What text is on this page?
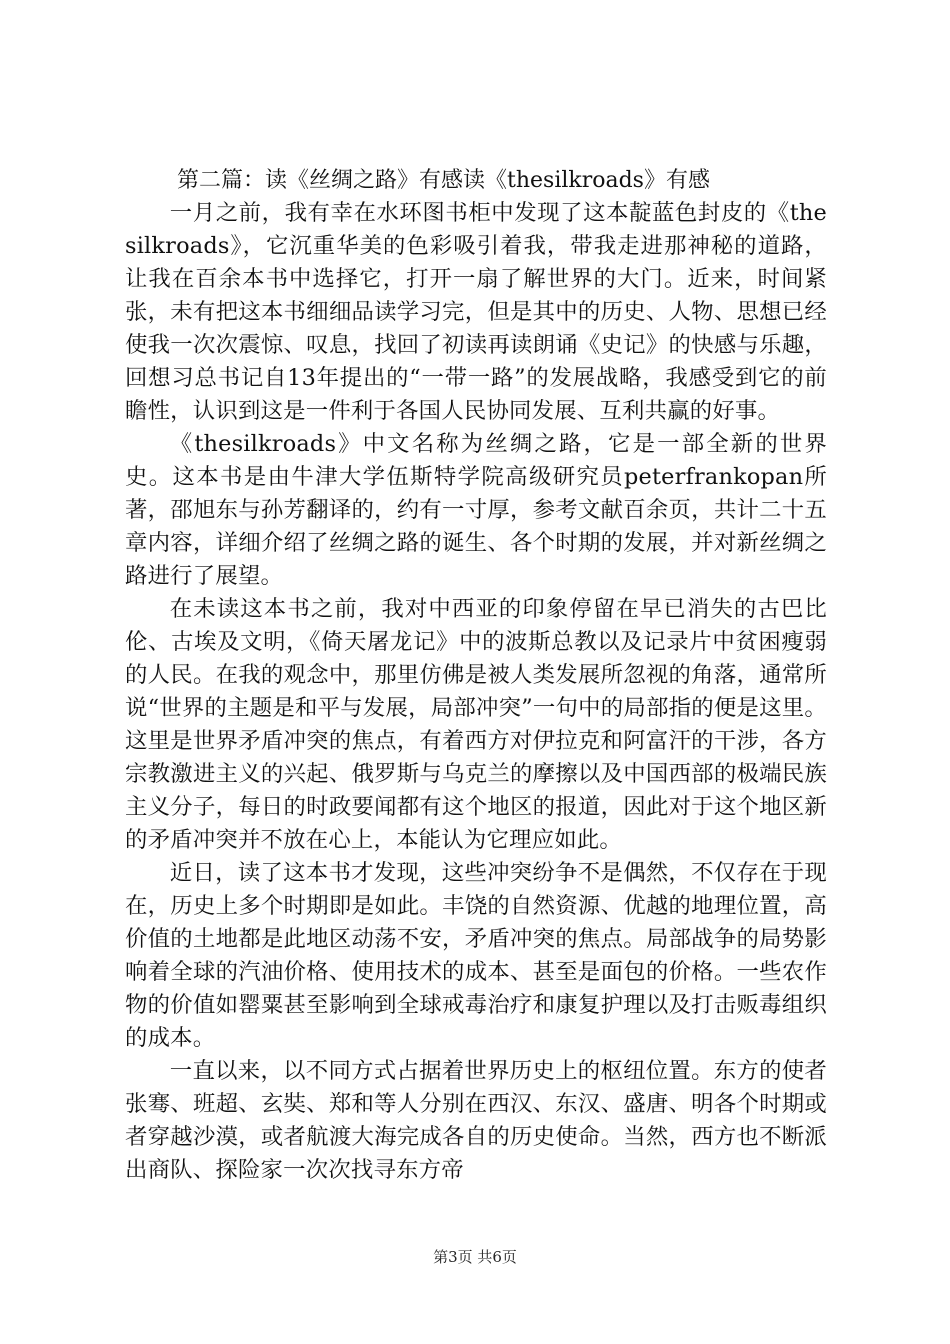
第二篇：读《丝绸之路》有感读《thesilkroads》有感

一月之前，我有幸在水环图书柜中发现了这本靛蓝色封皮的《thesilkroads》，它沉重华美的色彩吸引着我，带我走进那神秘的道路，让我在百余本书中选择它，打开一扇了解世界的大门。近来，时间紧张，未有把这本书细细品读学习完，但是其中的历史、人物、思想已经使我一次次震惊、叹息，找回了初读再读朗诵《史记》的快感与乐趣，回想习总书记自13年提出的“一带一路”的发展战略，我感受到它的前瞻性，认识到这是一件利于各国人民协同发展、互利共赢的好事。

《thesilkroads》中文名称为丝绸之路，它是一部全新的世界史。这本书是由牛津大学伍斯特学院高级研究员peterfrankopan所著，邵旭东与孙芳翻译的，约有一寸厚，参考文献百余页，共计二十五章内容，详细介绍了丝绸之路的诞生、各个时期的发展，并对新丝绸之路进行了展望。

在未读这本书之前，我对中西亚的印象停留在早已消失的古巴比伦、古埃及文明，《倚天屠龙记》中的波斯总教以及记录片中贫困瘦弱的人民。在我的观念中，那里仿佛是被人类发展所忽视的角落，通常所说“世界的主题是和平与发展，局部冲突”一句中的局部指的便是这里。这里是世界矛盾冲突的焦点，有着西方对伊拉克和阿富汗的干涉，各方宗教激进主义的兴起、俄罗斯与乌克兰的摩擦以及中国西部的极端民族主义分子，每日的时政要闻都有这个地区的报道，因此对于这个地区新的矛盾冲突并不放在心上，本能认为它理应如此。

近日，读了这本书才发现，这些冲突纷争不是偶然，不仅存在于现在，历史上多个时期即是如此。丰饶的自然资源、优越的地理位置，高价值的土地都是此地区动荡不安，矛盾冲突的焦点。局部战争的局势影响着全球的汽油价格、使用技术的成本、甚至是面包的价格。一些农作物的价值如罂粟甚至影响到全球戒毒治疗和康复护理以及打击贩毒组织的成本。

一直以来，以不同方式占据着世界历史上的枢纽位置。东方的使者张骞、班超、玄奘、郑和等人分别在西汉、东汉、盛唐、明各个时期或者穿越沙漠，或者航渡大海完成各自的历史使命。当然，西方也不断派出商队、探险家一次次找寻东方帝

第3页 共6页
